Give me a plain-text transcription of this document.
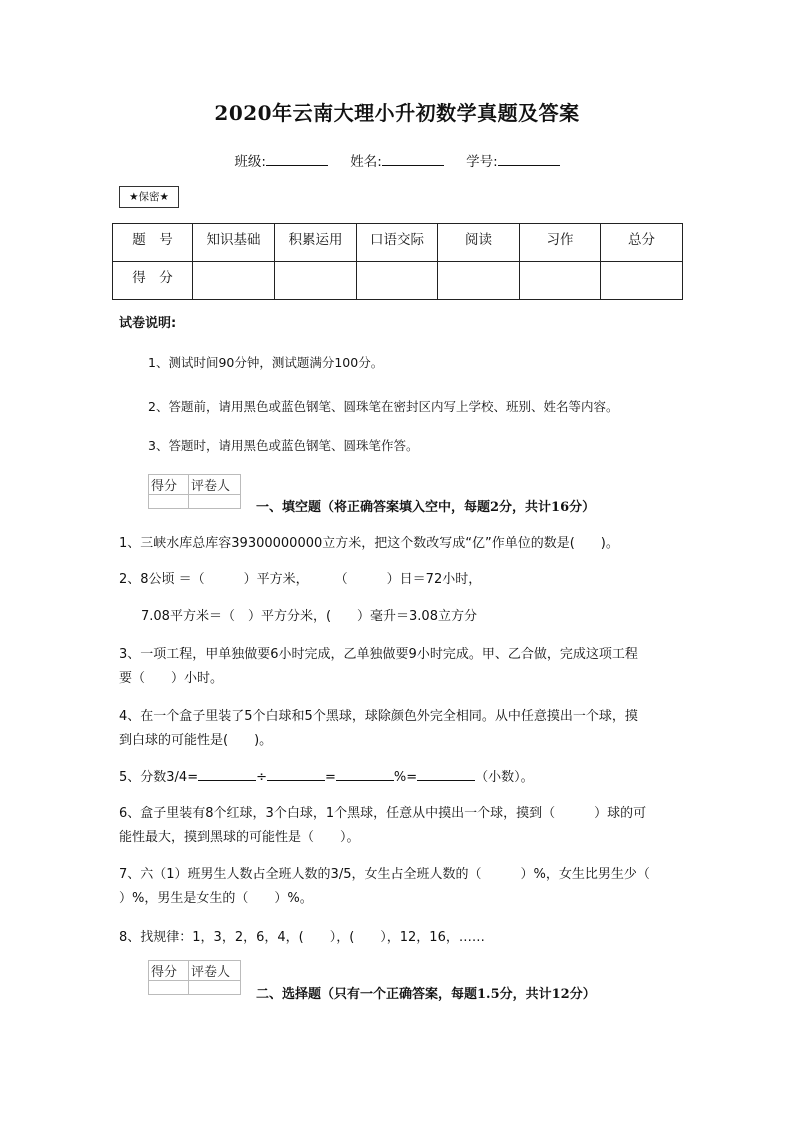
2020年云南大理小升初数学真题及答案
班级:	姓名:	学号:
★保密★
题　号	知识基础	积累运用	口语交际	阅读	习作	总分
得　分						
试卷说明:
1、测试时间90分钟，测试题满分100分。
2、答题前，请用黑色或蓝色钢笔、圆珠笔在密封区内写上学校、班别、姓名等内容。
3、答题时，请用黑色或蓝色钢笔、圆珠笔作答。
得分	评卷人

一、填空题（将正确答案填入空中，每题2分，共计16分）
1、三峡水库总库容39300000000立方米，把这个数改写成“亿”作单位的数是(　　)。
2、8公顷 ＝（　　　）平方米，　　　（　　　）日＝72小时，
7.08平方米＝（　）平方分米，(　　）毫升＝3.08立方分
3、一项工程，甲单独做要6小时完成，乙单独做要9小时完成。甲、乙合做，完成这项工程
要（　　）小时。
4、在一个盒子里装了5个白球和5个黑球，球除颜色外完全相同。从中任意摸出一个球，摸
到白球的可能性是(　　)。
5、分数3/4=	÷	=	%=	（小数）。
6、盒子里装有8个红球，3个白球，1个黑球，任意从中摸出一个球，摸到（　　　）球的可
能性最大，摸到黑球的可能性是（　　）。
7、六（1）班男生人数占全班人数的3/5，女生占全班人数的（　　　）%，女生比男生少（
）%，男生是女生的（　　）%。
8、找规律：1，3，2，6，4，(　　），(　　），12，16，……
得分	评卷人

二、选择题（只有一个正确答案，每题1.5分，共计12分）
